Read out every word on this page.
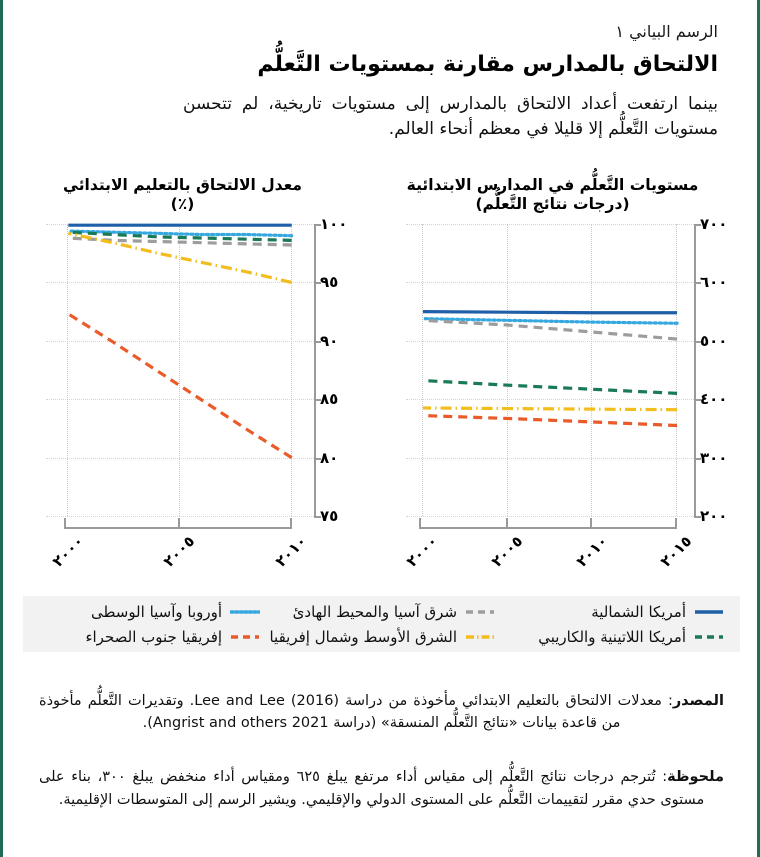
الرسم البياني ١
الالتحاق بالمدارس مقارنة بمستويات التَّعلُّم
بينما ارتفعت أعداد الالتحاق بالمدارس إلى مستويات تاريخية، لم تتحسن مستويات التَّعلُّم إلا قليلا في معظم أنحاء العالم.
معدل الالتحاق بالتعليم الابتدائي
(٪)
١٠٠
٩٥
٩٠
٨٥
٨٠
٧٥
٢٠٠٠	٢٠٠٥	٢٠١٠
مستويات التَّعلُّم في المدارس الابتدائية
(درجات نتائج التَّعلُّم)
٧٠٠
٦٠٠
٥٠٠
٤٠٠
٣٠٠
٢٠٠
٢٠٠٠	٢٠٠٥	٢٠١٠	٢٠١٥
أمريكا الشمالية
أمريكا اللاتينية والكاريبي
شرق آسيا والمحيط الهادئ
الشرق الأوسط وشمال إفريقيا
أوروبا وآسيا الوسطى
إفريقيا جنوب الصحراء
المصدر: معدلات الالتحاق بالتعليم الابتدائي مأخوذة من دراسة Lee and Lee (2016). وتقديرات التَّعلُّم مأخوذة من قاعدة بيانات «نتائج التَّعلُّم المنسقة» (دراسة Angrist and others 2021).
ملحوظة: تُترجم درجات نتائج التَّعلُّم إلى مقياس أداء مرتفع يبلغ ٦٢٥ ومقياس أداء منخفض يبلغ ٣٠٠، بناء على مستوى حدي مقرر لتقييمات التَّعلُّم على المستوى الدولي والإقليمي. ويشير الرسم إلى المتوسطات الإقليمية.
